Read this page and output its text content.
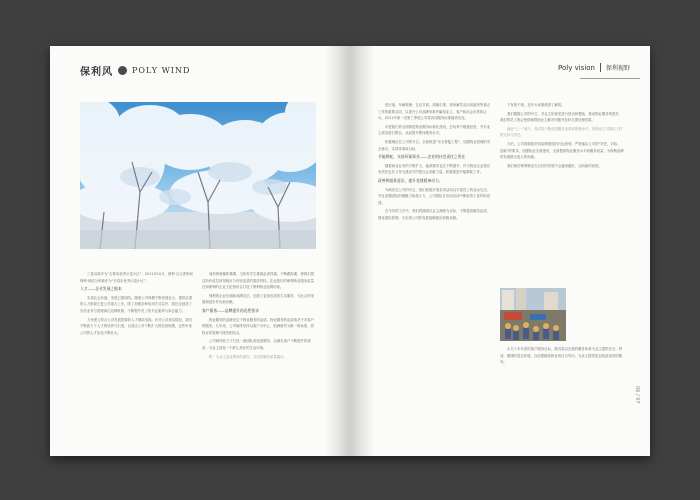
保利风 POLY WIND

三喜双被评为“吉林省优秀示范小区”；2011年10月，保利·百合香州和保利·林语分别被评为“长春市优秀示范小区”。

人才——企业发展之根本

实现社会价值，发展已靠团结。随着公司规模不断发展壮大，提供必需的人力资源已是公司重大工作。除了加强各种培训方式以外，我们还创造了各类业务与管理岗位竞聘机制，不断提升员工的专业素养与岗位能力。

力争建立符合公司发展需要的人才梯队结构。针对公司现实情况，我们不断致力于人才的培养与引进，以适应公司不断扩大的经营规模，这些年来公司的人才队伍不断壮大。

而形势就像阶梯课，当所有学生都就必须得通，不断跟踪课，使我们把这所有成员获得相应与有转变质的素质材料。在此我们的保利物业服务质量在和保利的企业文化相结合打造了保利物业品牌形象。

保利的企业价值和品牌定位，创造了更加优质的生活服务，为社会的发展和进步作出新贡献。

客户服务——品牌提升的必然要求

物业服务的品牌决定于物业服务的品质。物业服务的品质取决于对客户的服务。几年来，公司始终坚持以客户为中心，把满意作为唯一的标准，将物业的管理与服务相结合。

公司始终致力于打造一流团队和优质服务，以满足客户不断提升的需求，为业主营造一个舒心美好的生活环境。

附：为业主量化费用的落实，共同把服务质量做好。

Poly vision 保利视野

进行值、车辆管理、礼仪方面、面貌引领、现场解答及活动组织等重点工作的重要活动，以提升公司品牌形象并赢得业主、客户和社会各界的认可。2011年第一至第三季度公司将各项服务标准落到实处。

年度我们将全面推进物业服务标准化建设，总结每个楼盘经验，并对业主需求进行整合，从而提升整体服务水平。

积极响应总公司的号召，全面推进“安全着陆工程”，加强物业管理的安全意识，实现零事故目标。

节能降耗，支持环保事业——企业的社会责任之所在

随着商业业务的不断扩大，能源需求也在不断提升，作为物业企业我们有责任也有义务为建设节约型社会贡献力量，积极推进节能降耗工作。

改善和服务意识，提升党建精神动力。

为响应总公司的号召，我们积极开展各项活动以丰富员工的业余生活，并且加强团队的凝聚力和战斗力，公司团队在各项活动中都取得了优异的成绩。

在今年的工作中，我们将继续以业主满意为目标，不断提高服务品质，强化团队管理，为实现公司的发展战略做出积极贡献。

下发的千事，近年大家都熟悉了解的。

我们跟随公司的号召，对业主的意见进行回访和整改，推动物业服务的提升，我们的员工都会热情地帮助业主解决问题并及时反馈处理结果。

值此“七一”前夕，我们将不断改进服务品质和管理水平，回报业主对我们工作的支持与信任。

今后，公司将继续坚持品牌建设的长远规划，严格落实公司的“责任、对标、创新”的要求，加强队伍全面建设，全面提高物业服务水平和服务质量，为保利品牌的发展做出更大的贡献。

我们相信保利物业在以后的发展中会越来越好，迈向新的高度。

3.关于本年度的客户服务目标，我们将以完善的服务体系为业主提供安全、舒适、便捷的居住环境，以创建精品物业项目为导向，为业主提供更加优质高效的服务。

06 / 07
